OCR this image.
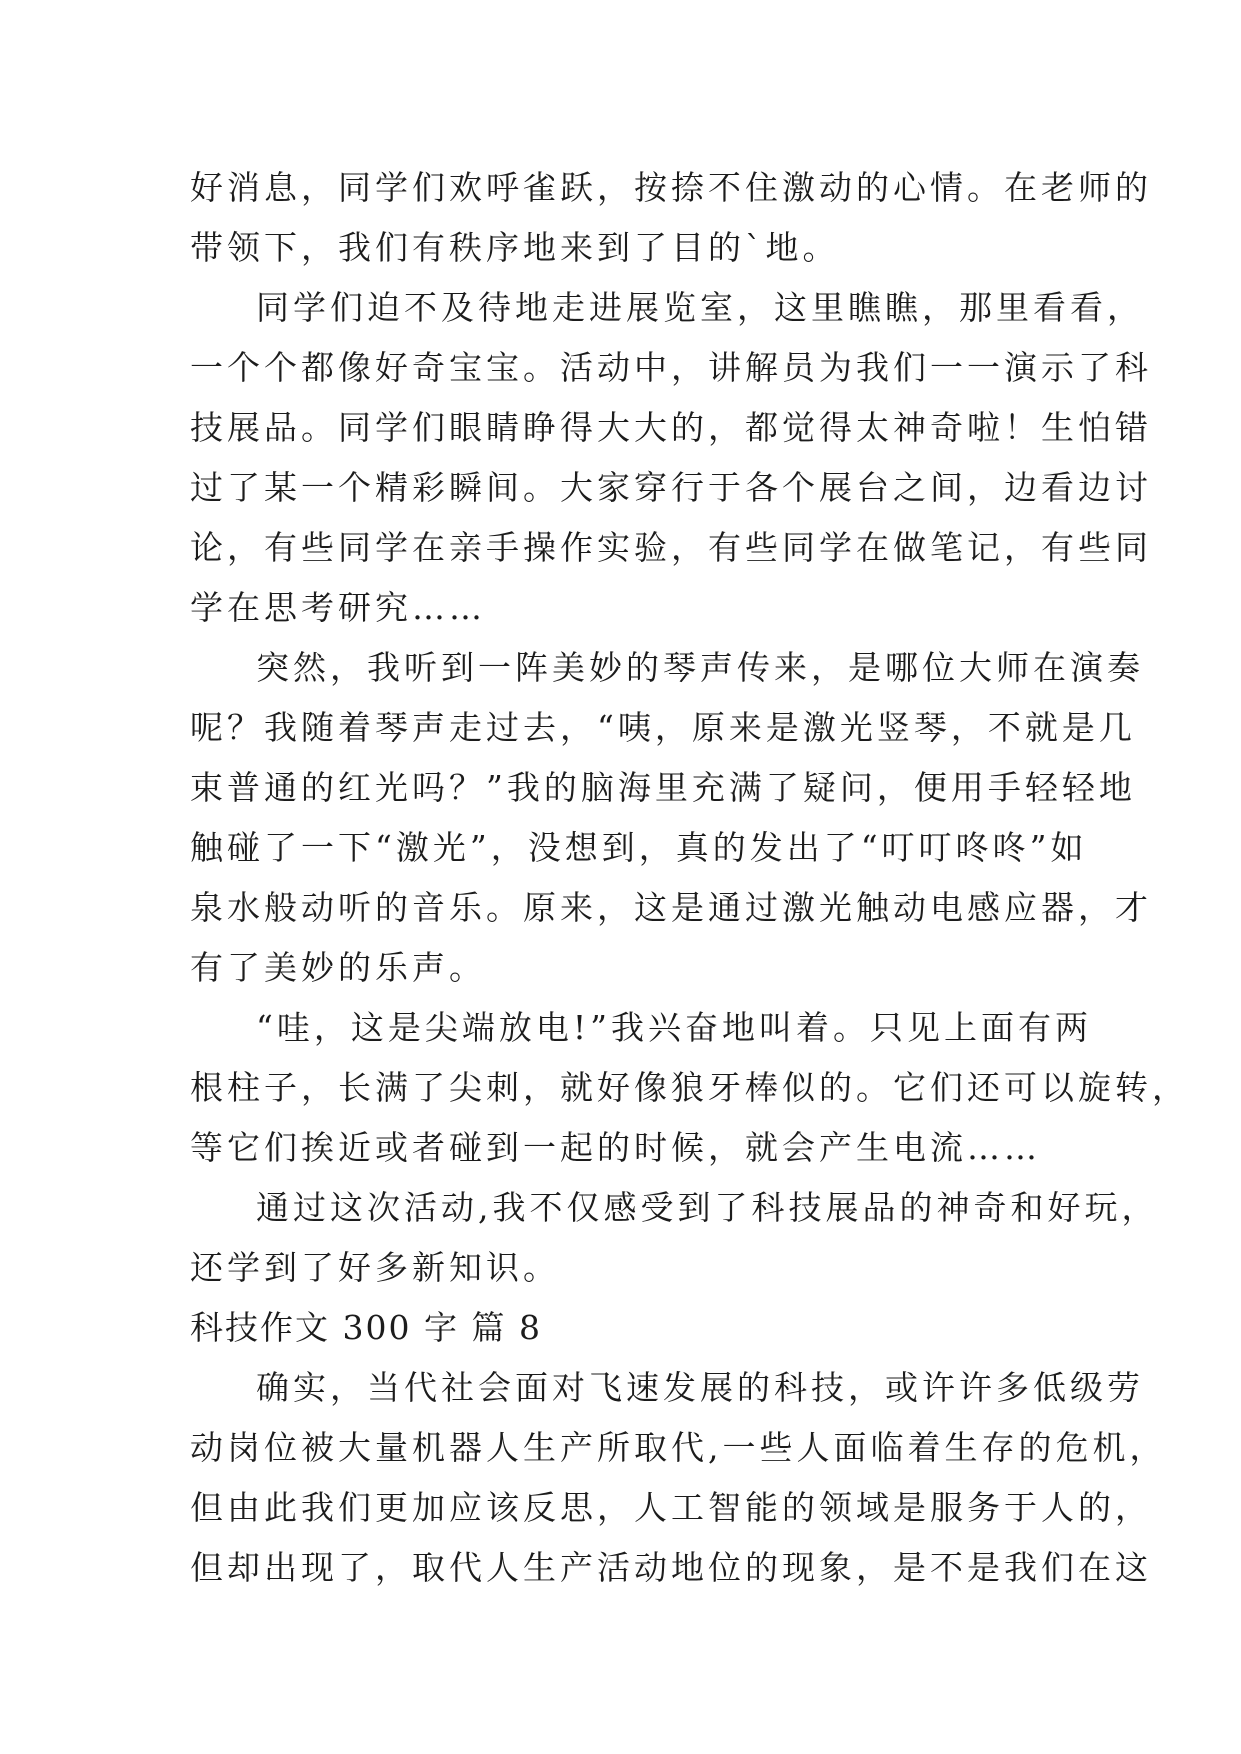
好消息，同学们欢呼雀跃，按捺不住激动的心情。在老师的
带领下，我们有秩序地来到了目的`地。
同学们迫不及待地走进展览室，这里瞧瞧，那里看看，
一个个都像好奇宝宝。活动中，讲解员为我们一一演示了科
技展品。同学们眼睛睁得大大的，都觉得太神奇啦！生怕错
过了某一个精彩瞬间。大家穿行于各个展台之间，边看边讨
论，有些同学在亲手操作实验，有些同学在做笔记，有些同
学在思考研究……
突然，我听到一阵美妙的琴声传来，是哪位大师在演奏
呢？我随着琴声走过去，“咦，原来是激光竖琴，不就是几
束普通的红光吗？”我的脑海里充满了疑问，便用手轻轻地
触碰了一下“激光”，没想到，真的发出了“叮叮咚咚”如
泉水般动听的音乐。原来，这是通过激光触动电感应器，才
有了美妙的乐声。
“哇，这是尖端放电!”我兴奋地叫着。只见上面有两
根柱子，长满了尖刺，就好像狼牙棒似的。它们还可以旋转，
等它们挨近或者碰到一起的时候，就会产生电流……
通过这次活动,我不仅感受到了科技展品的神奇和好玩，
还学到了好多新知识。
科技作文 300 字 篇 8
确实，当代社会面对飞速发展的科技，或许许多低级劳
动岗位被大量机器人生产所取代,一些人面临着生存的危机，
但由此我们更加应该反思，人工智能的领域是服务于人的，
但却出现了，取代人生产活动地位的现象，是不是我们在这
